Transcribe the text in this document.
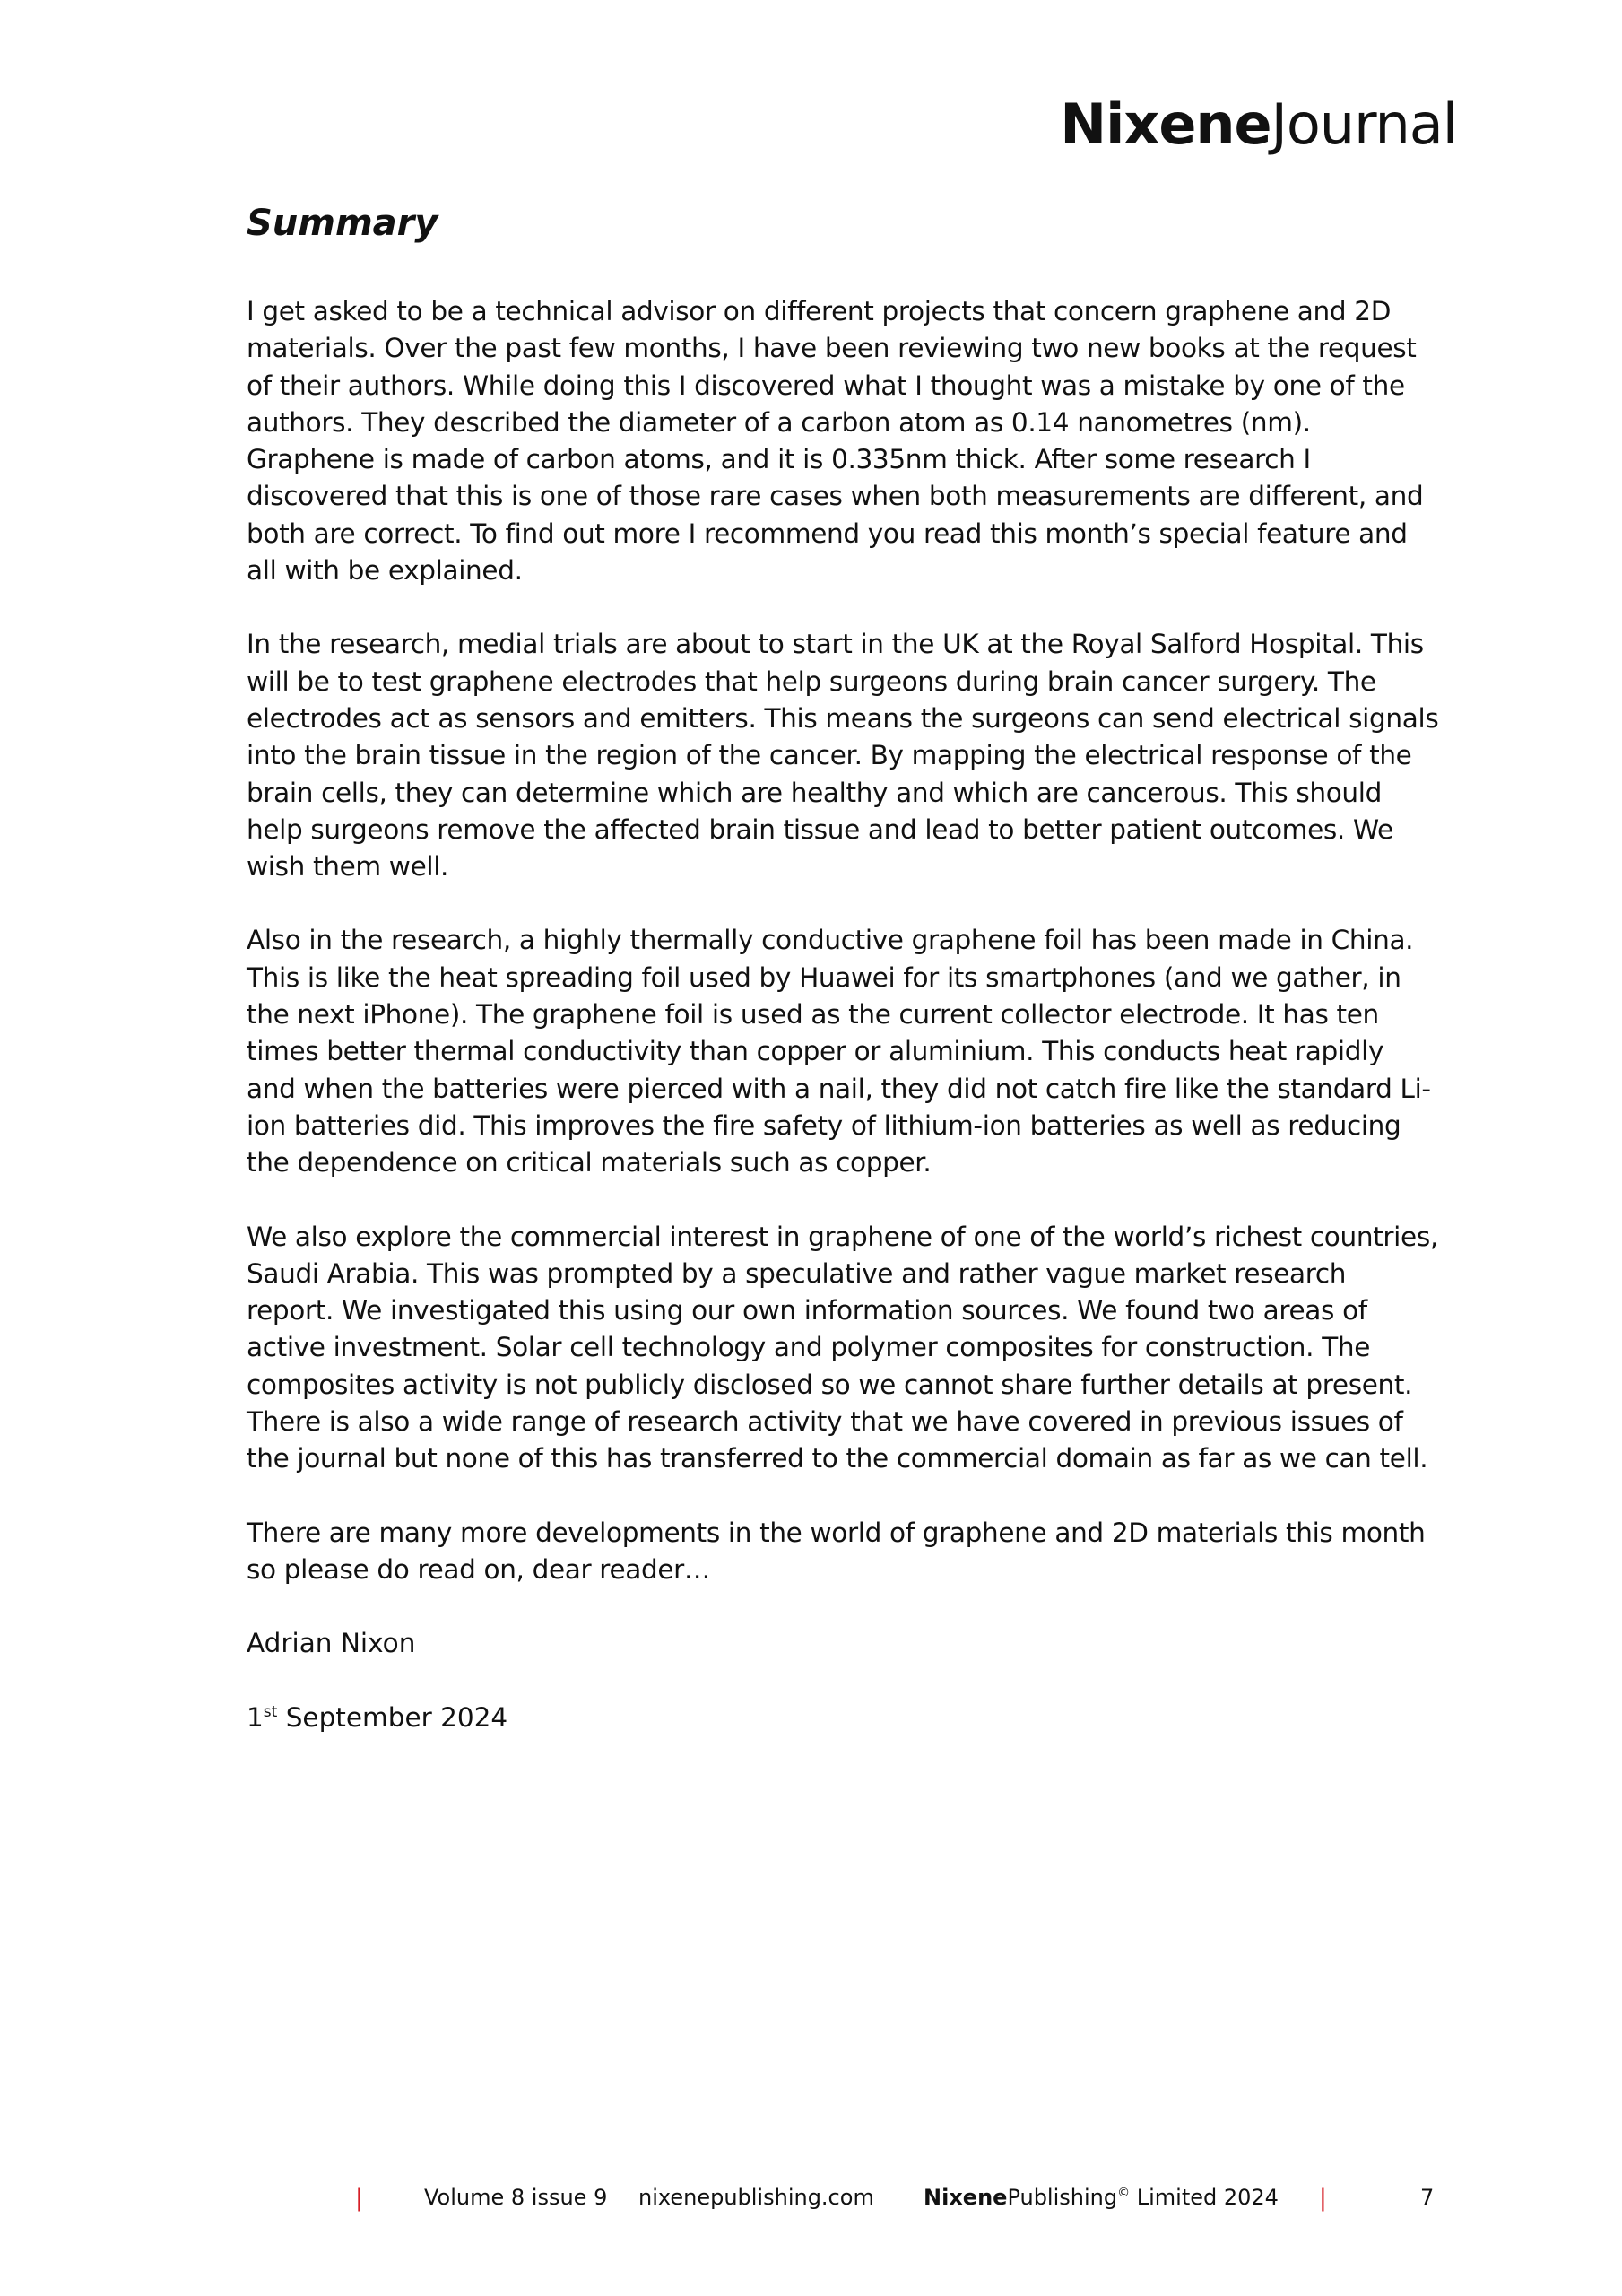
NixeneJournal
Summary

I get asked to be a technical advisor on different projects that concern graphene and 2D materials. Over the past few months, I have been reviewing two new books at the request of their authors. While doing this I discovered what I thought was a mistake by one of the authors. They described the diameter of a carbon atom as 0.14 nanometres (nm). Graphene is made of carbon atoms, and it is 0.335nm thick. After some research I discovered that this is one of those rare cases when both measurements are different, and both are correct. To find out more I recommend you read this month’s special feature and all with be explained.

In the research, medial trials are about to start in the UK at the Royal Salford Hospital. This will be to test graphene electrodes that help surgeons during brain cancer surgery. The electrodes act as sensors and emitters. This means the surgeons can send electrical signals into the brain tissue in the region of the cancer. By mapping the electrical response of the brain cells, they can determine which are healthy and which are cancerous. This should help surgeons remove the affected brain tissue and lead to better patient outcomes. We wish them well.

Also in the research, a highly thermally conductive graphene foil has been made in China. This is like the heat spreading foil used by Huawei for its smartphones (and we gather, in the next iPhone). The graphene foil is used as the current collector electrode. It has ten times better thermal conductivity than copper or aluminium. This conducts heat rapidly and when the batteries were pierced with a nail, they did not catch fire like the standard Li-ion batteries did. This improves the fire safety of lithium-ion batteries as well as reducing the dependence on critical materials such as copper.

We also explore the commercial interest in graphene of one of the world’s richest countries, Saudi Arabia. This was prompted by a speculative and rather vague market research report. We investigated this using our own information sources. We found two areas of active investment. Solar cell technology and polymer composites for construction. The composites activity is not publicly disclosed so we cannot share further details at present. There is also a wide range of research activity that we have covered in previous issues of the journal but none of this has transferred to the commercial domain as far as we can tell.

There are many more developments in the world of graphene and 2D materials this month so please do read on, dear reader…

Adrian Nixon

1st September 2024

|	Volume 8 issue 9 nixenepublishing.com NixenePublishing© Limited 2024 |	7
